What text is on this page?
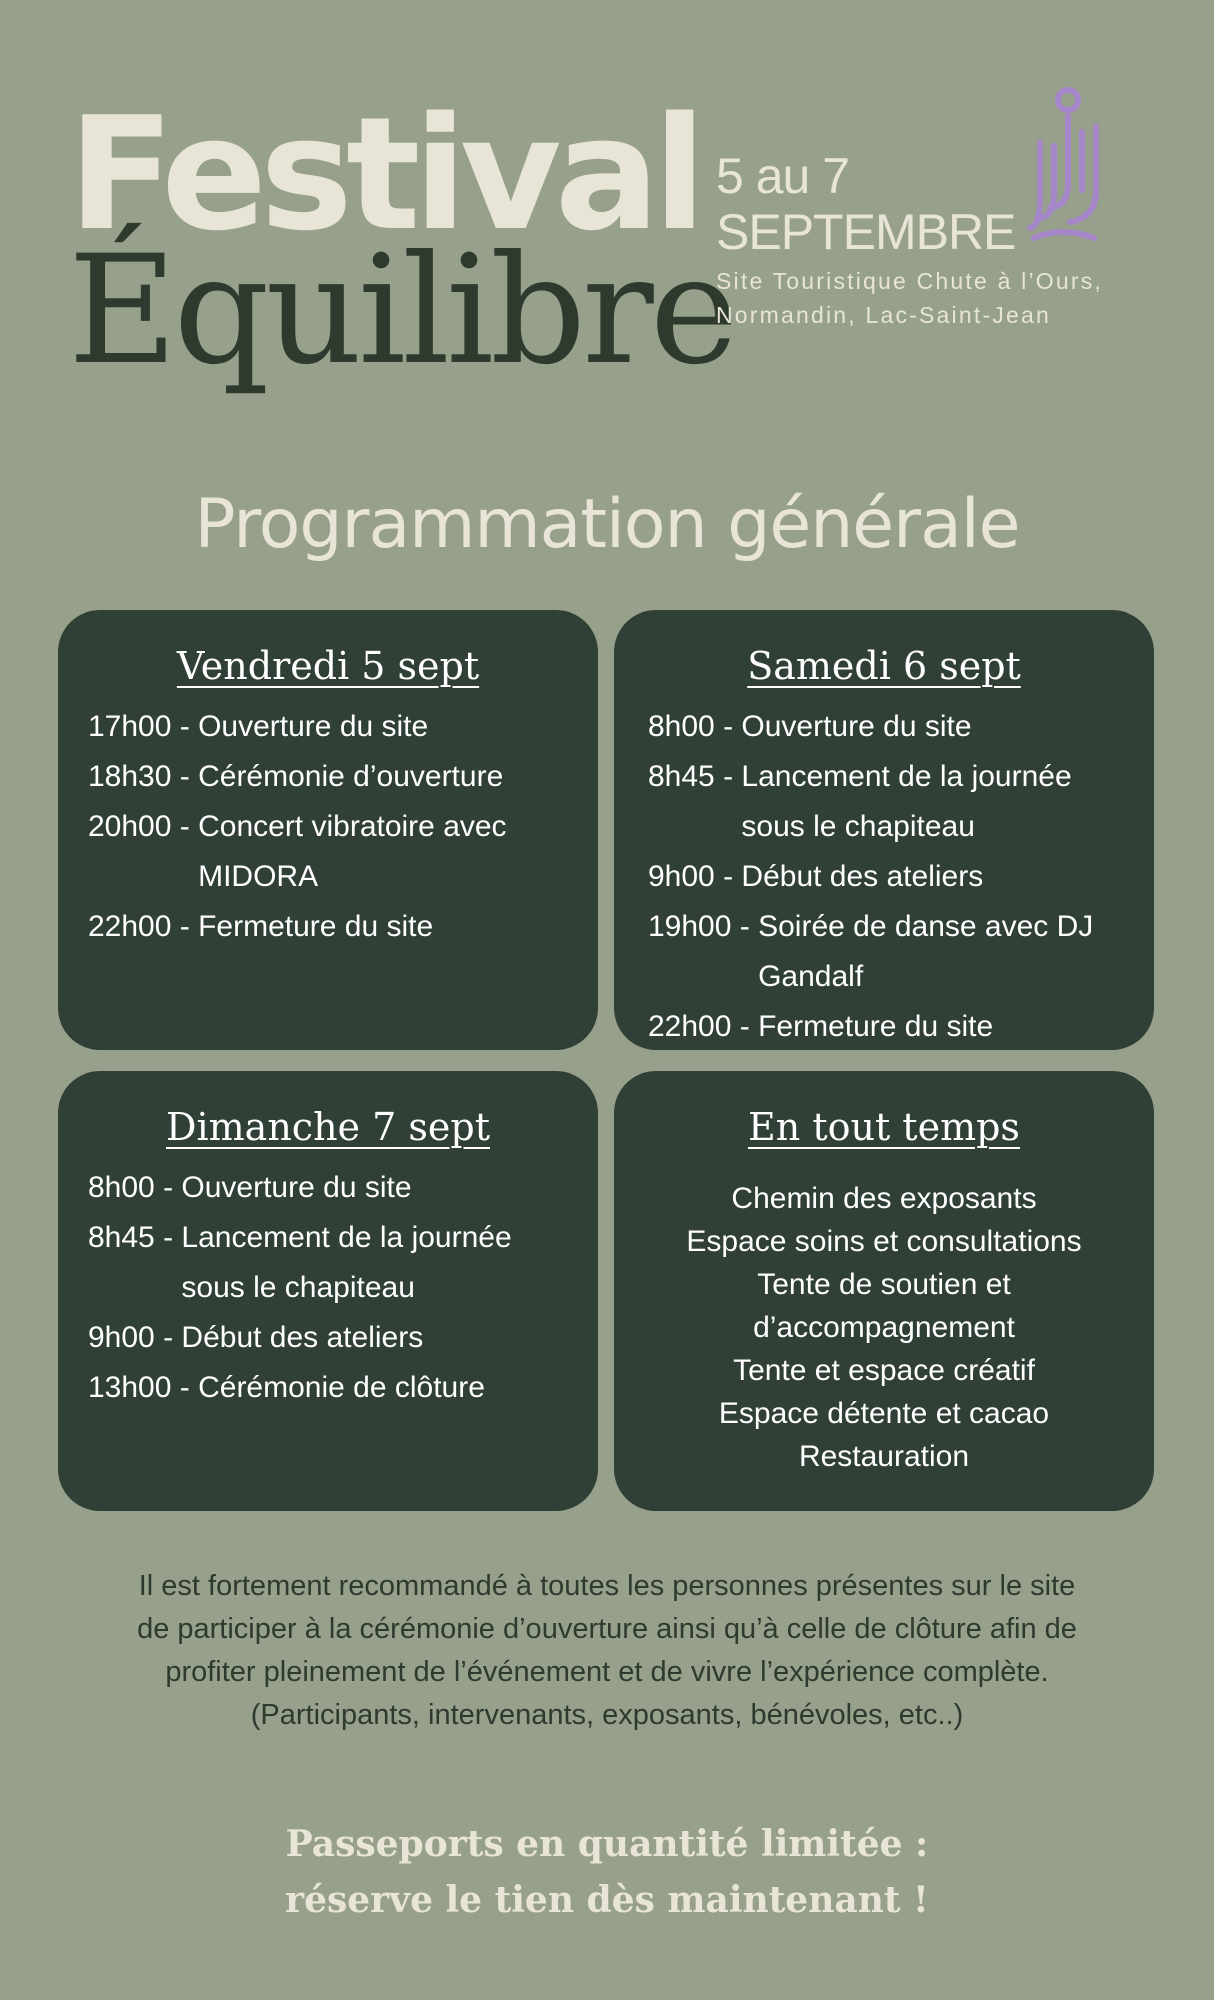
Festival
Équilibre
5 au 7
SEPTEMBRE
Site Touristique Chute à l’Ours,
Normandin, Lac-Saint-Jean
Programmation générale
Vendredi 5 sept
17h00 - Ouverture du site
18h30 - Cérémonie d’ouverture
20h00 - Concert vibratoire avec MIDORA
22h00 - Fermeture du site
Samedi 6 sept
8h00 - Ouverture du site
8h45 - Lancement de la journée sous le chapiteau
9h00 - Début des ateliers
19h00 - Soirée de danse avec DJ Gandalf
22h00 - Fermeture du site
Dimanche 7 sept
8h00 - Ouverture du site
8h45 - Lancement de la journée sous le chapiteau
9h00 - Début des ateliers
13h00 - Cérémonie de clôture
En tout temps
Chemin des exposants
Espace soins et consultations
Tente de soutien et d’accompagnement
Tente et espace créatif
Espace détente et cacao
Restauration
Il est fortement recommandé à toutes les personnes présentes sur le site
de participer à la cérémonie d’ouverture ainsi qu’à celle de clôture afin de
profiter pleinement de l’événement et de vivre l’expérience complète.
(Participants, intervenants, exposants, bénévoles, etc..)
Passeports en quantité limitée :
réserve le tien dès maintenant !
